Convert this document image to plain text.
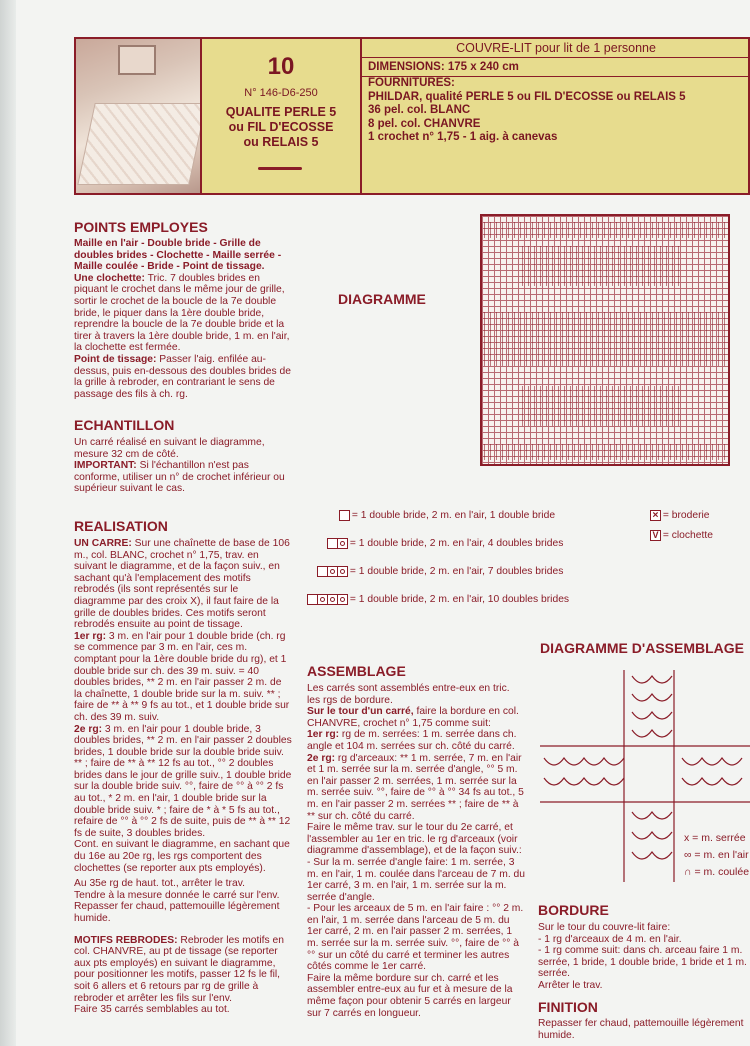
10
N° 146-D6-250
QUALITE PERLE 5
ou FIL D'ECOSSE
ou RELAIS 5
COUVRE-LIT pour lit de 1 personne
DIMENSIONS: 175 x 240 cm
FOURNITURES:
PHILDAR, qualité PERLE 5 ou FIL D'ECOSSE ou RELAIS 5
36 pel. col. BLANC
8 pel. col. CHANVRE
1 crochet n° 1,75 - 1 aig. à canevas
POINTS EMPLOYES

Maille en l'air - Double bride - Grille de doubles brides - Clochette - Maille serrée - Maille coulée - Bride - Point de tissage.

Une clochette: Tric. 7 doubles brides en piquant le crochet dans le même jour de grille, sortir le crochet de la boucle de la 7e double bride, le piquer dans la 1ère double bride, reprendre la boucle de la 7e double bride et la tirer à travers la 1ère double bride, 1 m. en l'air, la clochette est fermée.

Point de tissage: Passer l'aig. enfilée au-dessus, puis en-dessous des doubles brides de la grille à rebroder, en contrariant le sens de passage des fils à ch. rg.

ECHANTILLON

Un carré réalisé en suivant le diagramme, mesure 32 cm de côté.

IMPORTANT: Si l'échantillon n'est pas conforme, utiliser un n° de crochet inférieur ou supérieur suivant le cas.

REALISATION

UN CARRE: Sur une chaînette de base de 106 m., col. BLANC, crochet n° 1,75, trav. en suivant le diagramme, et de la façon suiv., en sachant qu'à l'emplacement des motifs rebrodés (ils sont représentés sur le diagramme par des croix X), il faut faire de la grille de doubles brides. Ces motifs seront rebrodés ensuite au point de tissage.

1er rg: 3 m. en l'air pour 1 double bride (ch. rg se commence par 3 m. en l'air, ces m. comptant pour la 1ère double bride du rg), et 1 double bride sur ch. des 39 m. suiv. = 40 doubles brides, ** 2 m. en l'air passer 2 m. de la chaînette, 1 double bride sur la m. suiv. ** ; faire de ** à ** 9 fs au tot., et 1 double bride sur ch. des 39 m. suiv.

2e rg: 3 m. en l'air pour 1 double bride, 3 doubles brides, ** 2 m. en l'air passer 2 doubles brides, 1 double bride sur la double bride suiv. ** ; faire de ** à ** 12 fs au tot., °° 2 doubles brides dans le jour de grille suiv., 1 double bride sur la double bride suiv. °°, faire de °° à °° 2 fs au tot., * 2 m. en l'air, 1 double bride sur la double bride suiv. * ; faire de * à * 5 fs au tot., refaire de °° à °° 2 fs de suite, puis de ** à ** 12 fs de suite, 3 doubles brides.

Cont. en suivant le diagramme, en sachant que du 16e au 20e rg, les rgs comportent des clochettes (se reporter aux pts employés).

Au 35e rg de haut. tot., arrêter le trav.

Tendre à la mesure donnée le carré sur l'env. Repasser fer chaud, pattemouille légèrement humide.

MOTIFS REBRODES: Rebroder les motifs en col. CHANVRE, au pt de tissage (se reporter aux pts employés) en suivant le diagramme, pour positionner les motifs, passer 12 fs le fil, soit 6 allers et 6 retours par rg de grille à rebroder et arrêter les fils sur l'env.

Faire 35 carrés semblables au tot.

DIAGRAMME
= 1 double bride, 2 m. en l'air, 1 double bride
= 1 double bride, 2 m. en l'air, 4 doubles brides
= 1 double bride, 2 m. en l'air, 7 doubles brides
= 1 double bride, 2 m. en l'air, 10 doubles brides
× = broderie
V = clochette
ASSEMBLAGE

Les carrés sont assemblés entre-eux en tric. les rgs de bordure.

Sur le tour d'un carré, faire la bordure en col. CHANVRE, crochet n° 1,75 comme suit:

1er rg: rg de m. serrées: 1 m. serrée dans ch. angle et 104 m. serrées sur ch. côté du carré.

2e rg: rg d'arceaux: ** 1 m. serrée, 7 m. en l'air et 1 m. serrée sur la m. serrée d'angle, °° 5 m. en l'air passer 2 m. serrées, 1 m. serrée sur la m. serrée suiv. °°, faire de °° à °° 34 fs au tot., 5 m. en l'air passer 2 m. serrées ** ; faire de ** à ** sur ch. côté du carré.

Faire le même trav. sur le tour du 2e carré, et l'assembler au 1er en tric. le rg d'arceaux (voir diagramme d'assemblage), et de la façon suiv.:

- Sur la m. serrée d'angle faire: 1 m. serrée, 3 m. en l'air, 1 m. coulée dans l'arceau de 7 m. du 1er carré, 3 m. en l'air, 1 m. serrée sur la m. serrée d'angle.

- Pour les arceaux de 5 m. en l'air faire : °° 2 m. en l'air, 1 m. serrée dans l'arceau de 5 m. du 1er carré, 2 m. en l'air passer 2 m. serrées, 1 m. serrée sur la m. serrée suiv. °°, faire de °° à °° sur un côté du carré et terminer les autres côtés comme le 1er carré.

Faire la même bordure sur ch. carré et les assembler entre-eux au fur et à mesure de la même façon pour obtenir 5 carrés en largeur sur 7 carrés en longueur.

DIAGRAMME D'ASSEMBLAGE
x = m. serrée
∞ = m. en l'air
∩ = m. coulée
BORDURE

Sur le tour du couvre-lit faire:

- 1 rg d'arceaux de 4 m. en l'air.

- 1 rg comme suit: dans ch. arceau faire 1 m. serrée, 1 bride, 1 double bride, 1 bride et 1 m. serrée.

Arrêter le trav.

FINITION
Repasser fer chaud, pattemouille légèrement humide.
